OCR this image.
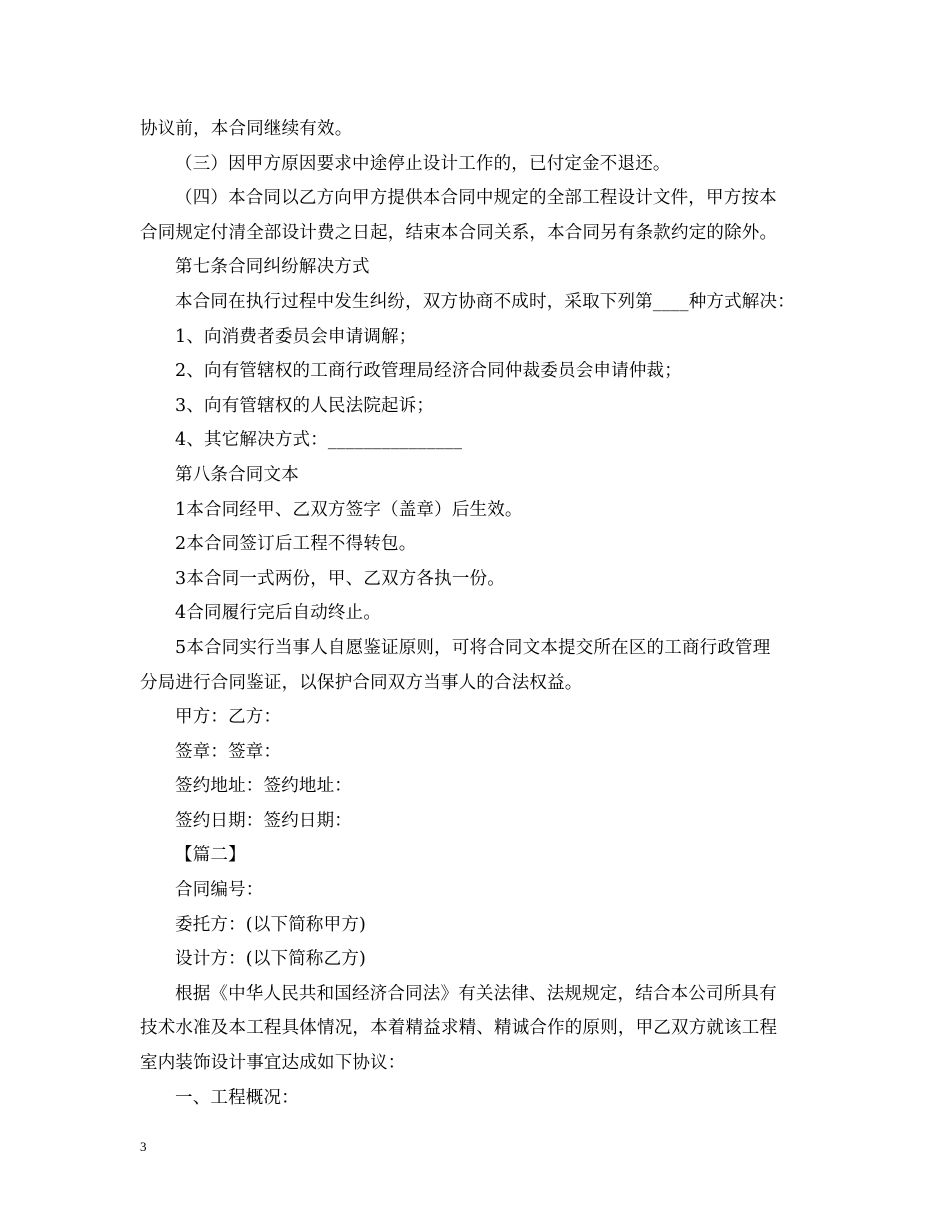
协议前，本合同继续有效。
（三）因甲方原因要求中途停止设计工作的，已付定金不退还。
（四）本合同以乙方向甲方提供本合同中规定的全部工程设计文件，甲方按本
合同规定付清全部设计费之日起，结束本合同关系，本合同另有条款约定的除外。
第七条合同纠纷解决方式
本合同在执行过程中发生纠纷，双方协商不成时，采取下列第____种方式解决：
1、向消费者委员会申请调解；
2、向有管辖权的工商行政管理局经济合同仲裁委员会申请仲裁；
3、向有管辖权的人民法院起诉；
4、其它解决方式：_______________
第八条合同文本
1本合同经甲、乙双方签字（盖章）后生效。
2本合同签订后工程不得转包。
3本合同一式两份，甲、乙双方各执一份。
4合同履行完后自动终止。
5本合同实行当事人自愿鉴证原则，可将合同文本提交所在区的工商行政管理
分局进行合同鉴证，以保护合同双方当事人的合法权益。
甲方：乙方：
签章：签章：
签约地址：签约地址：
签约日期：签约日期：
【篇二】
合同编号：
委托方：(以下简称甲方)
设计方：(以下简称乙方)
根据《中华人民共和国经济合同法》有关法律、法规规定，结合本公司所具有
技术水准及本工程具体情况，本着精益求精、精诚合作的原则，甲乙双方就该工程
室内装饰设计事宜达成如下协议：
一、工程概况：
3
